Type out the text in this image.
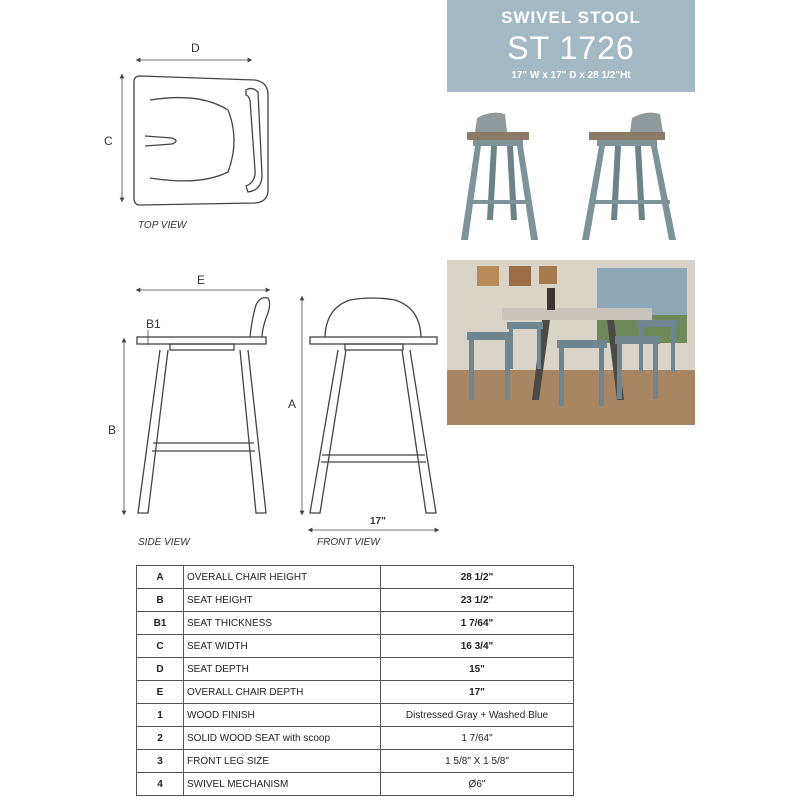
SWIVEL STOOL
ST 1726
17" W x 17" D x 28 1/2"Ht
D
C
TOP VIEW
E
B1
B
A
17"
SIDE VIEW	FRONT VIEW
A	OVERALL CHAIR HEIGHT	28 1/2"
B	SEAT HEIGHT	23 1/2"
B1	SEAT THICKNESS	1 7/64"
C	SEAT WIDTH	16 3/4"
D	SEAT DEPTH	15"
E	OVERALL CHAIR DEPTH	17"
1	WOOD FINISH	Distressed Gray + Washed Blue
2	SOLID WOOD SEAT with scoop	1 7/64"
3	FRONT LEG SIZE	1 5/8" X 1 5/8"
4	SWIVEL MECHANISM	Ø6"
